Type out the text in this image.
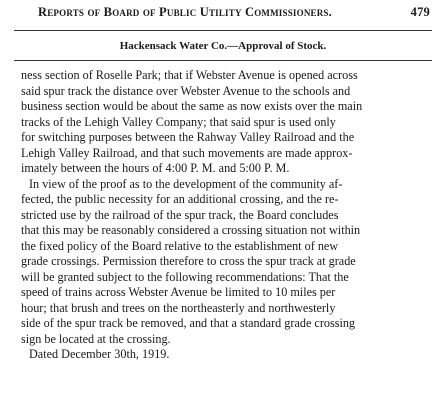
Reports of Board of Public Utility Commissioners.	479
Hackensack Water Co.—Approval of Stock.

ness section of Roselle Park; that if Webster Avenue is opened across
said spur track the distance over Webster Avenue to the schools and
business section would be about the same as now exists over the main
tracks of the Lehigh Valley Company; that said spur is used only
for switching purposes between the Rahway Valley Railroad and the
Lehigh Valley Railroad, and that such movements are made approx-
imately between the hours of 4:00 P. M. and 5:00 P. M.

In view of the proof as to the development of the community af-
fected, the public necessity for an additional crossing, and the re-
stricted use by the railroad of the spur track, the Board concludes
that this may be reasonably considered a crossing situation not within
the fixed policy of the Board relative to the establishment of new
grade crossings. Permission therefore to cross the spur track at grade
will be granted subject to the following recommendations: That the
speed of trains across Webster Avenue be limited to 10 miles per
hour; that brush and trees on the northeasterly and northwesterly
side of the spur track be removed, and that a standard grade crossing
sign be located at the crossing.

Dated December 30th, 1919.
